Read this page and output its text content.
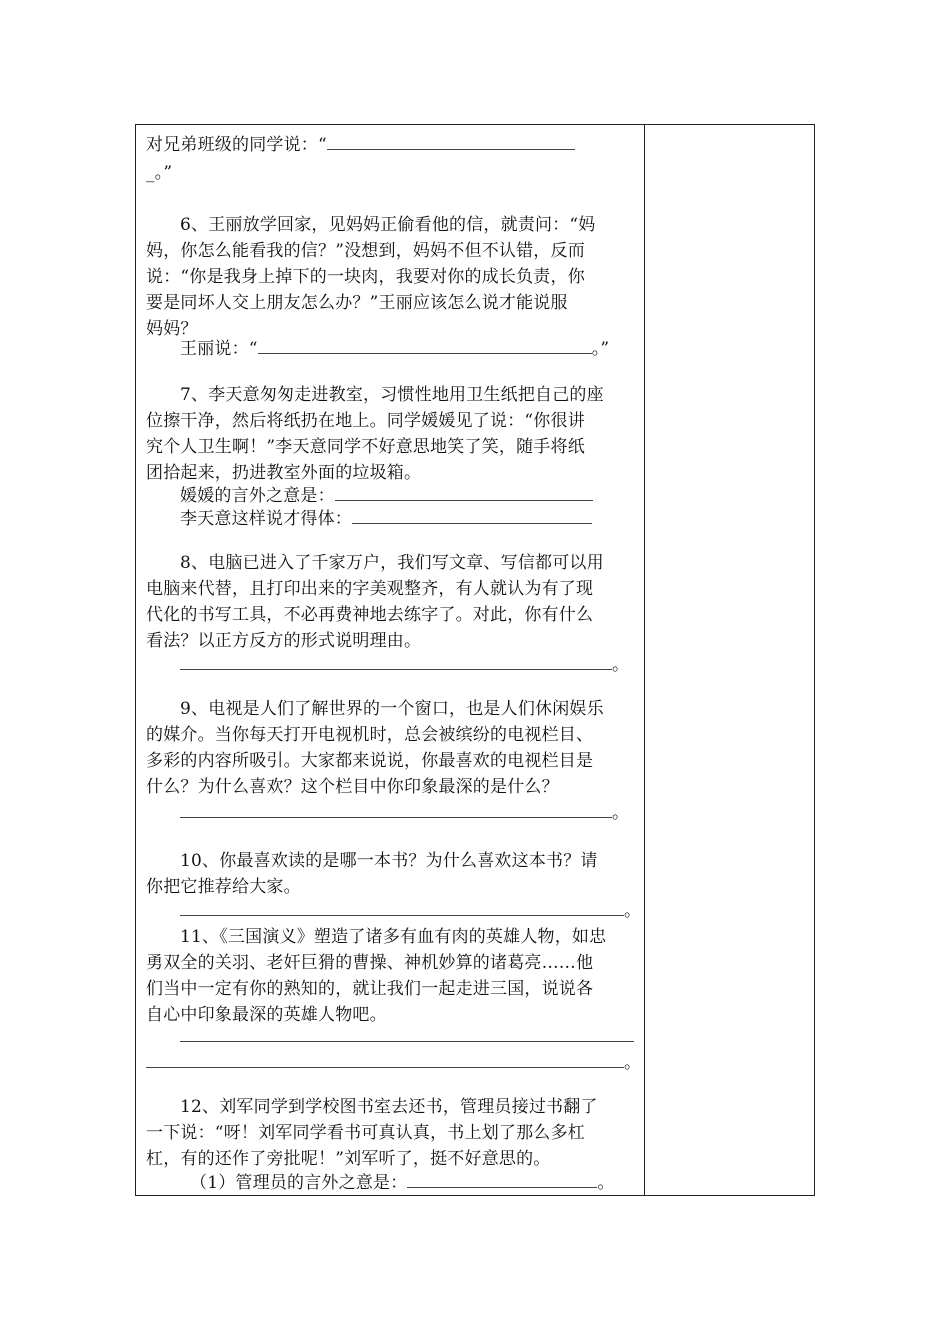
对兄弟班级的同学说：“
_。”
6、王丽放学回家，见妈妈正偷看他的信，就责问：“妈
妈，你怎么能看我的信？”没想到，妈妈不但不认错，反而
说：“你是我身上掉下的一块肉，我要对你的成长负责，你
要是同坏人交上朋友怎么办？”王丽应该怎么说才能说服
妈妈？
王丽说：“	。”
7、李天意匆匆走进教室，习惯性地用卫生纸把自己的座
位擦干净，然后将纸扔在地上。同学媛媛见了说：“你很讲
究个人卫生啊！”李天意同学不好意思地笑了笑，随手将纸
团拾起来，扔进教室外面的垃圾箱。
媛媛的言外之意是：
李天意这样说才得体：
8、电脑已进入了千家万户，我们写文章、写信都可以用
电脑来代替，且打印出来的字美观整齐，有人就认为有了现
代化的书写工具，不必再费神地去练字了。对此，你有什么
看法？以正方反方的形式说明理由。
。
9、电视是人们了解世界的一个窗口，也是人们休闲娱乐
的媒介。当你每天打开电视机时，总会被缤纷的电视栏目、
多彩的内容所吸引。大家都来说说，你最喜欢的电视栏目是
什么？为什么喜欢？这个栏目中你印象最深的是什么？
。
10、你最喜欢读的是哪一本书？为什么喜欢这本书？请
你把它推荐给大家。
。
11、《三国演义》塑造了诸多有血有肉的英雄人物，如忠
勇双全的关羽、老奸巨猾的曹操、神机妙算的诸葛亮……他
们当中一定有你的熟知的，就让我们一起走进三国，说说各
自心中印象最深的英雄人物吧。
。
12、刘军同学到学校图书室去还书，管理员接过书翻了
一下说：“呀！刘军同学看书可真认真，书上划了那么多杠
杠，有的还作了旁批呢！”刘军听了，挺不好意思的。
（1）管理员的言外之意是：	。
